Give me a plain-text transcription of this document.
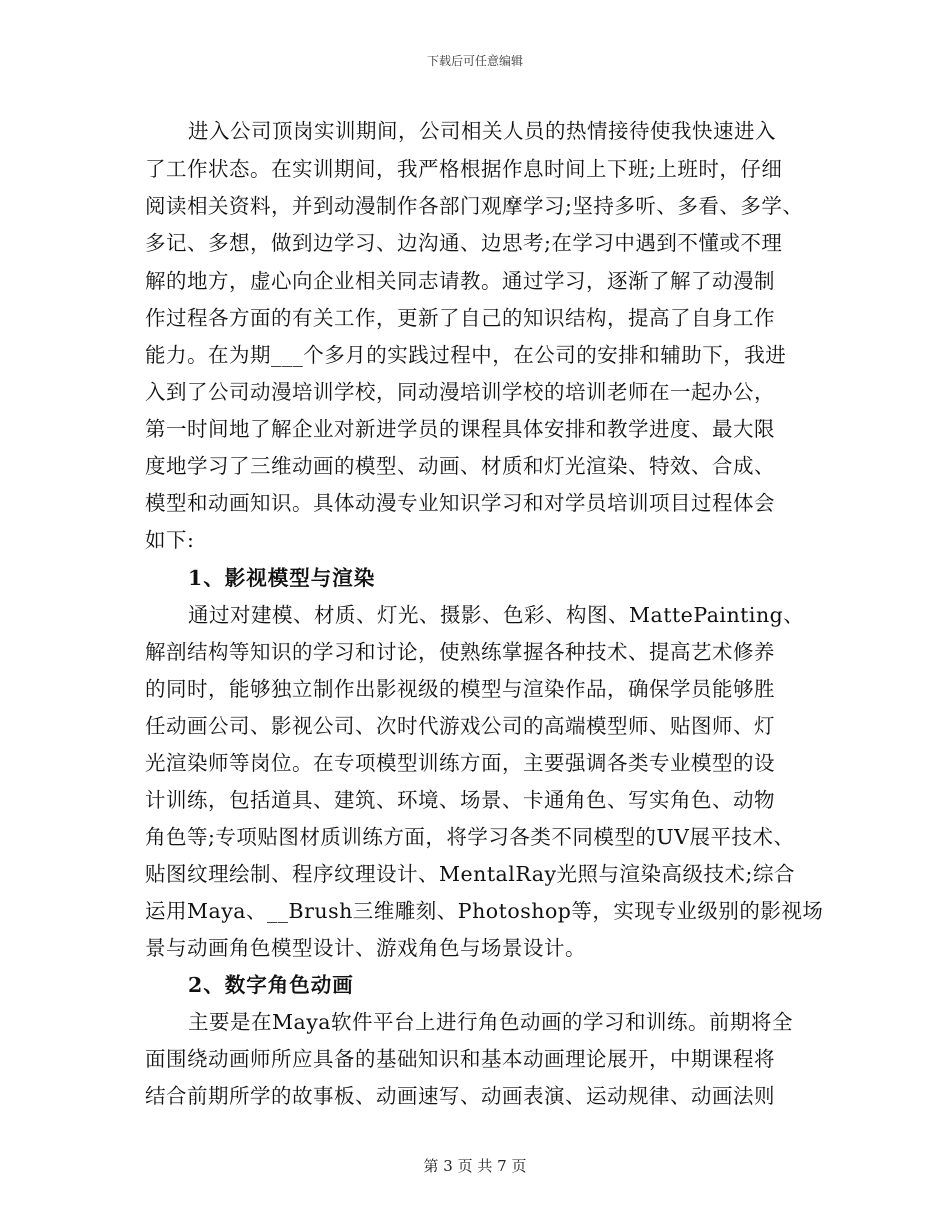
下载后可任意编辑
进入公司顶岗实训期间，公司相关人员的热情接待使我快速进入
了工作状态。在实训期间，我严格根据作息时间上下班;上班时，仔细
阅读相关资料，并到动漫制作各部门观摩学习;坚持多听、多看、多学、
多记、多想，做到边学习、边沟通、边思考;在学习中遇到不懂或不理
解的地方，虚心向企业相关同志请教。通过学习，逐渐了解了动漫制
作过程各方面的有关工作，更新了自己的知识结构，提高了自身工作
能力。在为期___个多月的实践过程中，在公司的安排和辅助下，我进
入到了公司动漫培训学校，同动漫培训学校的培训老师在一起办公，
第一时间地了解企业对新进学员的课程具体安排和教学进度、最大限
度地学习了三维动画的模型、动画、材质和灯光渲染、特效、合成、
模型和动画知识。具体动漫专业知识学习和对学员培训项目过程体会
如下:
1、影视模型与渲染
通过对建模、材质、灯光、摄影、色彩、构图、MattePainting、
解剖结构等知识的学习和讨论，使熟练掌握各种技术、提高艺术修养
的同时，能够独立制作出影视级的模型与渲染作品，确保学员能够胜
任动画公司、影视公司、次时代游戏公司的高端模型师、贴图师、灯
光渲染师等岗位。在专项模型训练方面，主要强调各类专业模型的设
计训练，包括道具、建筑、环境、场景、卡通角色、写实角色、动物
角色等;专项贴图材质训练方面，将学习各类不同模型的UV展平技术、
贴图纹理绘制、程序纹理设计、MentalRay光照与渲染高级技术;综合
运用Maya、__Brush三维雕刻、Photoshop等，实现专业级别的影视场
景与动画角色模型设计、游戏角色与场景设计。
2、数字角色动画
主要是在Maya软件平台上进行角色动画的学习和训练。前期将全
面围绕动画师所应具备的基础知识和基本动画理论展开，中期课程将
结合前期所学的故事板、动画速写、动画表演、运动规律、动画法则
第 3 页 共 7 页
